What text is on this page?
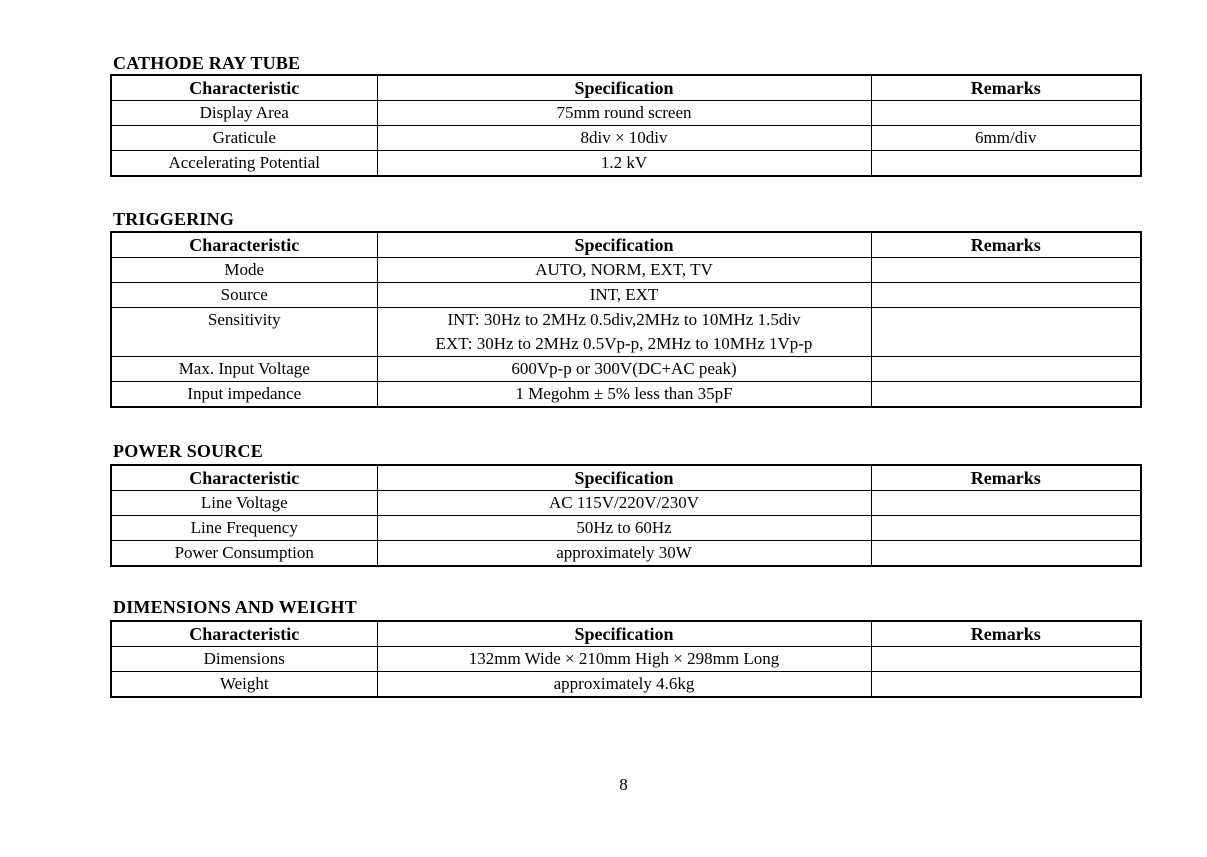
CATHODE RAY TUBE
Characteristic	Specification	Remarks
Display Area	75mm round screen	
Graticule	8div × 10div	6mm/div
Accelerating Potential	1.2 kV	
TRIGGERING
Characteristic	Specification	Remarks
Mode	AUTO, NORM, EXT, TV	
Source	INT, EXT	
Sensitivity	INT: 30Hz to 2MHz 0.5div,2MHz to 10MHz 1.5div
EXT: 30Hz to 2MHz 0.5Vp-p, 2MHz to 10MHz 1Vp-p	

Max. Input Voltage	600Vp-p or 300V(DC+AC peak)	
Input impedance	1 Megohm ± 5% less than 35pF	
POWER SOURCE
Characteristic	Specification	Remarks
Line Voltage	AC 115V/220V/230V	
Line Frequency	50Hz to 60Hz	
Power Consumption	approximately 30W	
DIMENSIONS AND WEIGHT
Characteristic	Specification	Remarks
Dimensions	132mm Wide × 210mm High × 298mm Long	
Weight	approximately 4.6kg	
8
